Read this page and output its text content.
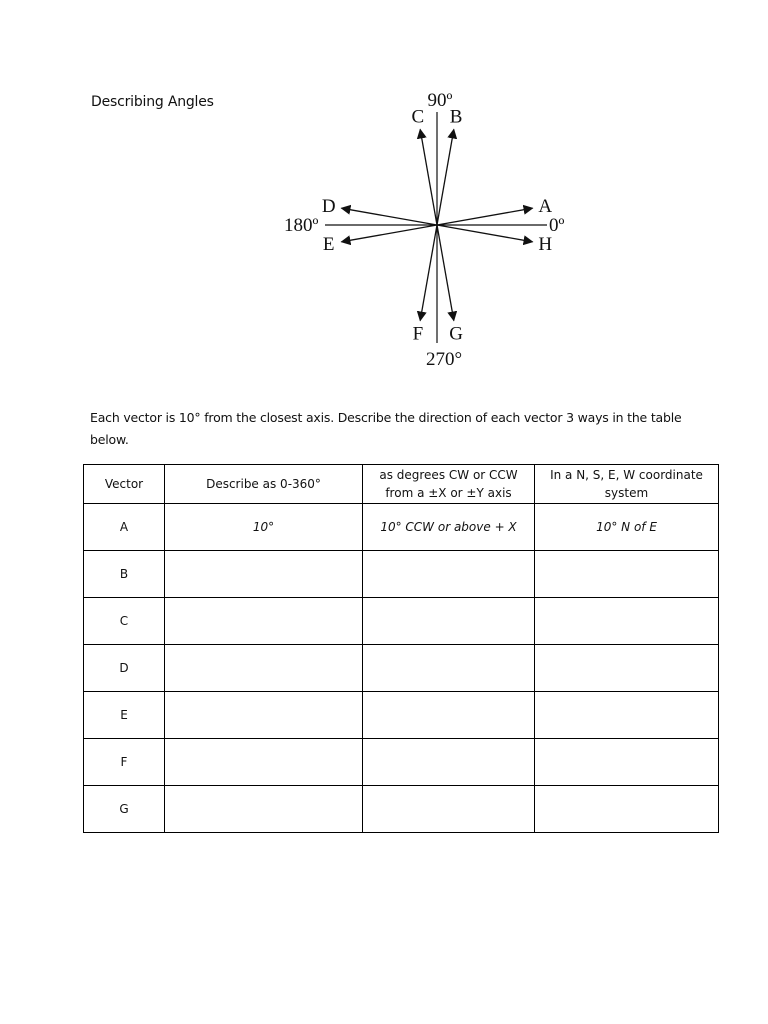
Describing Angles
A
B
C
D
E
F G
H
90º
270°
180º	0º
Each vector is 10° from the closest axis. Describe the direction of each vector 3 ways in the table below.
Vector	Describe as 0-360°	as degrees CW or CCW from a ±X or ±Y axis	In a N, S, E, W coordinate system
A	10°	10° CCW or above + X	10° N of E
B			
C			
D			
E			
F			
G			
